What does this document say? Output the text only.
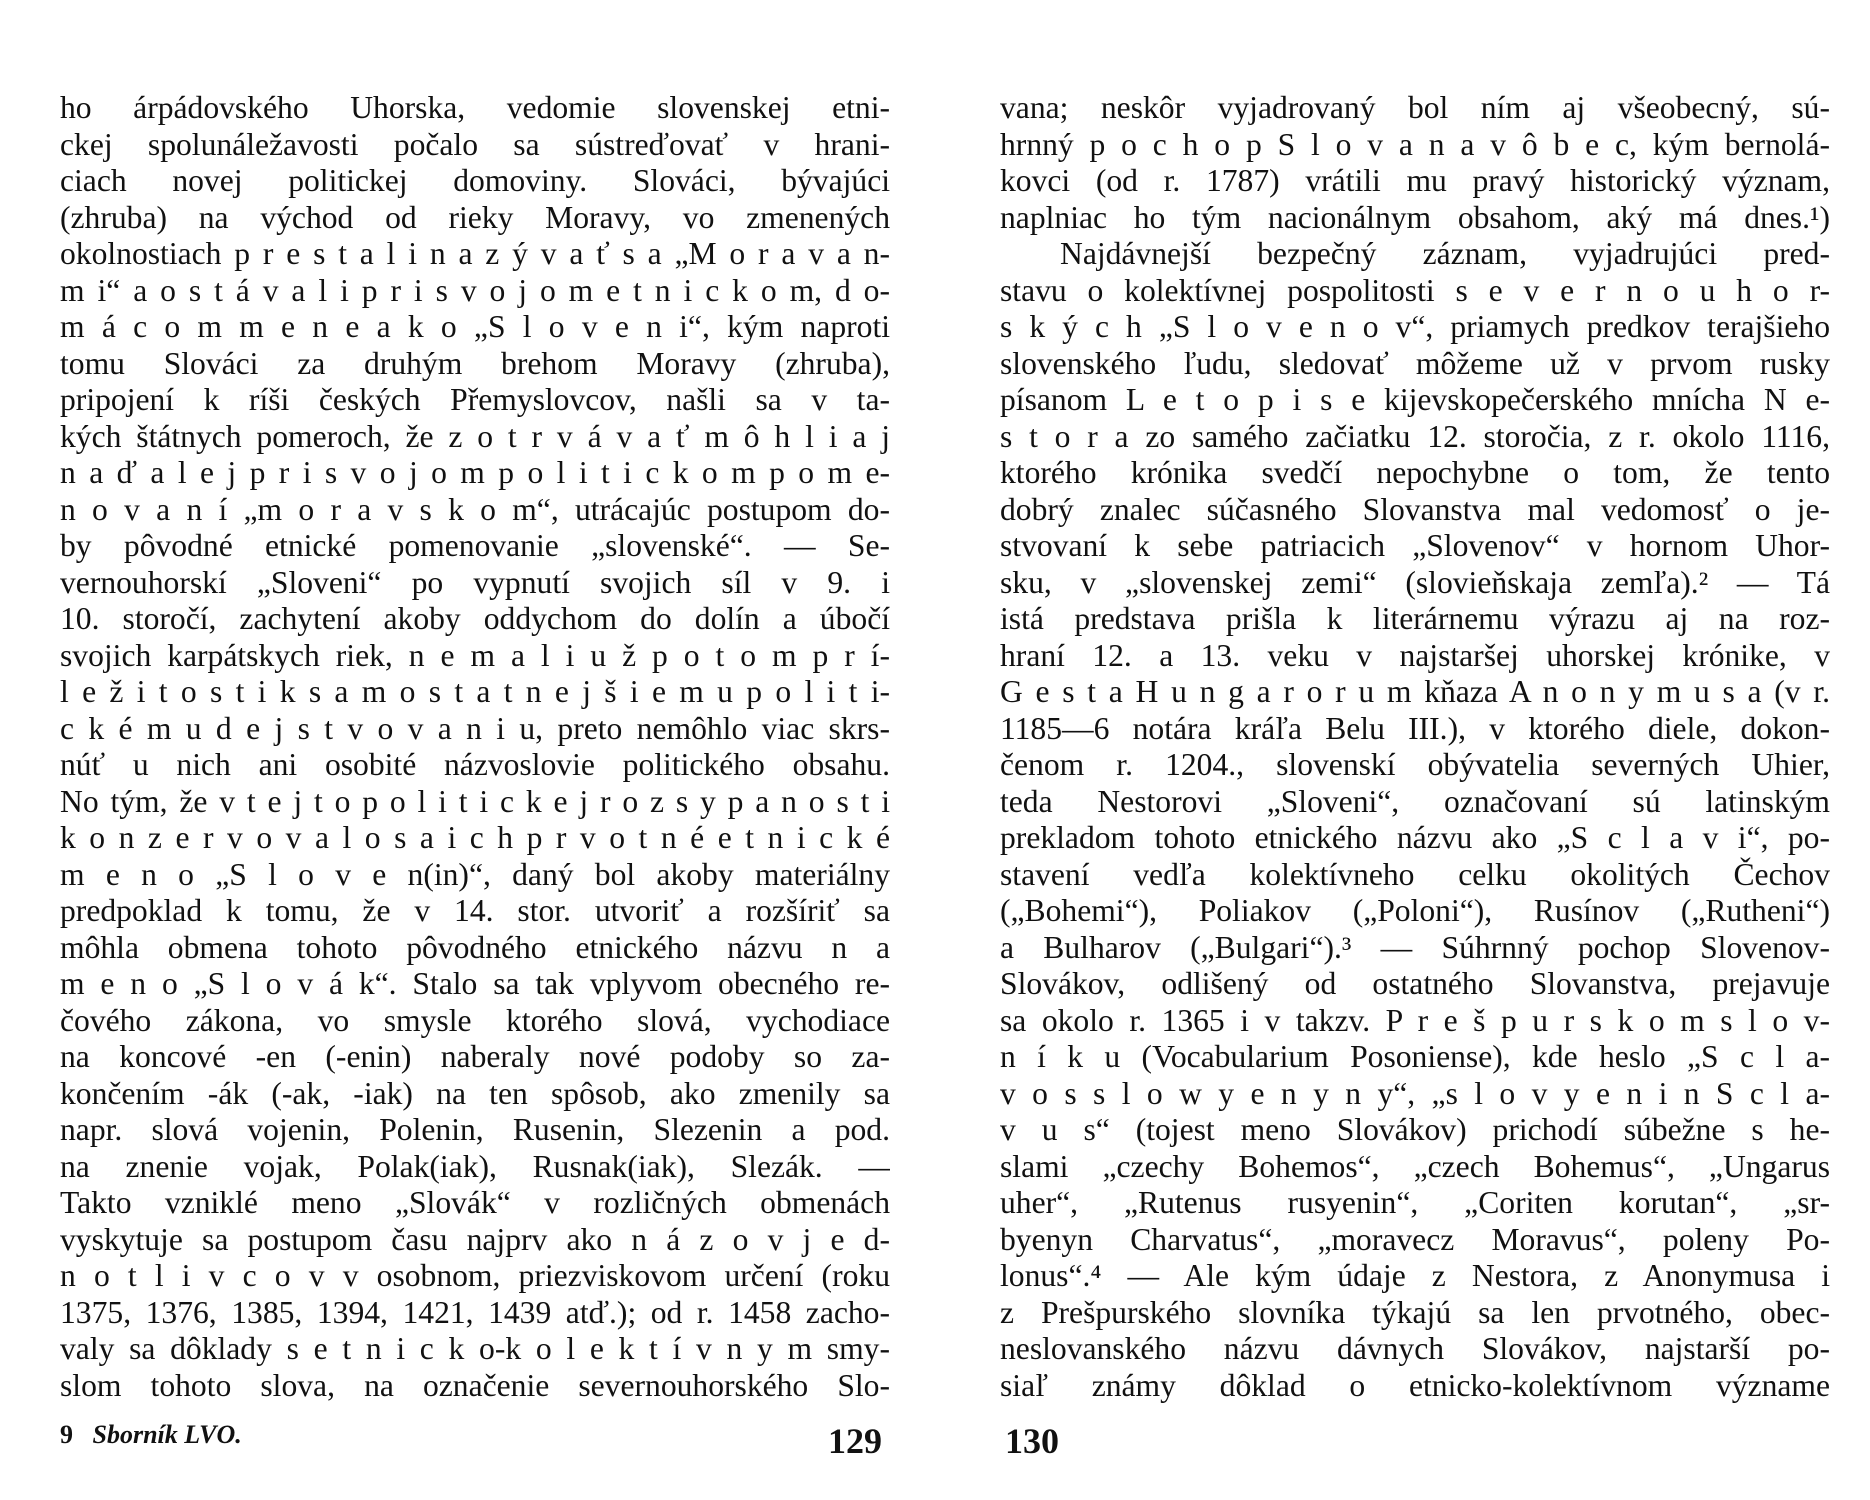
ho árpádovského Uhorska, vedomie slovenskej etni-
ckej spolunáležavosti počalo sa sústreďovať v hrani-
ciach novej politickej domoviny. Slováci, bývajúci
(zhruba) na východ od rieky Moravy, vo zmenených
okolnostiach p r e s t a l i n a z ý v a ť s a „M o r a v a n-
m i“ a o s t á v a l i p r i s v o j o m e t n i c k o m, d o-
m á c o m m e n e a k o „S l o v e n i“, kým naproti
tomu Slováci za druhým brehom Moravy (zhruba),
pripojení k ríši českých Přemyslovcov, našli sa v ta-
kých štátnych pomeroch, že z o t r v á v a ť m ô h l i a j
n a ď a l e j p r i s v o j o m p o l i t i c k o m p o m e-
n o v a n í „m o r a v s k o m“, utrácajúc postupom do-
by pôvodné etnické pomenovanie „slovenské“. — Se-
vernouhorskí „Sloveni“ po vypnutí svojich síl v 9. i
10. storočí, zachytení akoby oddychom do dolín a úbočí
svojich karpátskych riek, n e m a l i u ž p o t o m p r í-
l e ž i t o s t i k s a m o s t a t n e j š i e m u p o l i t i-
c k é m u d e j s t v o v a n i u, preto nemôhlo viac skrs-
núť u nich ani osobité názvoslovie politického obsahu.
No tým, že v t e j t o p o l i t i c k e j r o z s y p a n o s t i
k o n z e r v o v a l o s a i c h p r v o t n é e t n i c k é
m e n o „S l o v e n(in)“, daný bol akoby materiálny
predpoklad k tomu, že v 14. stor. utvoriť a rozšíriť sa
môhla obmena tohoto pôvodného etnického názvu n a
m e n o „S l o v á k“. Stalo sa tak vplyvom obecného re-
čového zákona, vo smysle ktorého slová, vychodiace
na koncové -en (-enin) naberaly nové podoby so za-
končením -ák (-ak, -iak) na ten spôsob, ako zmenily sa
napr. slová vojenin, Polenin, Rusenin, Slezenin a pod.
na znenie vojak, Polak(iak), Rusnak(iak), Slezák. —
Takto vzniklé meno „Slovák“ v rozličných obmenách
vyskytuje sa postupom času najprv ako n á z o v j e d-
n o t l i v c o v v osobnom, priezviskovom určení (roku
1375, 1376, 1385, 1394, 1421, 1439 atď.); od r. 1458 zacho-
valy sa dôklady s e t n i c k o-k o l e k t í v n y m smy-
slom tohoto slova, na označenie severnouhorského Slo-
9 Sborník LVO.	129
vana; neskôr vyjadrovaný bol ním aj všeobecný, sú-
hrnný p o c h o p S l o v a n a v ô b e c, kým bernolá-
kovci (od r. 1787) vrátili mu pravý historický význam,
naplniac ho tým nacionálnym obsahom, aký má dnes.¹)
Najdávnejší bezpečný záznam, vyjadrujúci pred-
stavu o kolektívnej pospolitosti s e v e r n o u h o r-
s k ý c h „S l o v e n o v“, priamych predkov terajšieho
slovenského ľudu, sledovať môžeme už v prvom rusky
písanom L e t o p i s e kijevskopečerského mnícha N e-
s t o r a zo samého začiatku 12. storočia, z r. okolo 1116,
ktorého krónika svedčí nepochybne o tom, že tento
dobrý znalec súčasného Slovanstva mal vedomosť o je-
stvovaní k sebe patriacich „Slovenov“ v hornom Uhor-
sku, v „slovenskej zemi“ (slovieňskaja zemľa).² — Tá
istá predstava prišla k literárnemu výrazu aj na roz-
hraní 12. a 13. veku v najstaršej uhorskej krónike, v
G e s t a H u n g a r o r u m kňaza A n o n y m u s a (v r.
1185—6 notára kráľa Belu III.), v ktorého diele, dokon-
čenom r. 1204., slovenskí obývatelia severných Uhier,
teda Nestorovi „Sloveni“, označovaní sú latinským
prekladom tohoto etnického názvu ako „S c l a v i“, po-
stavení vedľa kolektívneho celku okolitých Čechov
(„Bohemi“), Poliakov („Poloni“), Rusínov („Rutheni“)
a Bulharov („Bulgari“).³ — Súhrnný pochop Slovenov-
Slovákov, odlišený od ostatného Slovanstva, prejavuje
sa okolo r. 1365 i v takzv. P r e š p u r s k o m s l o v-
n í k u (Vocabularium Posoniense), kde heslo „S c l a-
v o s s l o w y e n y n y“, „s l o v y e n i n S c l a-
v u s“ (tojest meno Slovákov) prichodí súbežne s he-
slami „czechy Bohemos“, „czech Bohemus“, „Ungarus
uher“, „Rutenus rusyenin“, „Coriten korutan“, „sr-
byenyn Charvatus“, „moravecz Moravus“, poleny Po-
lonus“.⁴ — Ale kým údaje z Nestora, z Anonymusa i
z Prešpurského slovníka týkajú sa len prvotného, obec-
neslovanského názvu dávnych Slovákov, najstarší po-
siaľ známy dôklad o etnicko-kolektívnom význame
130
